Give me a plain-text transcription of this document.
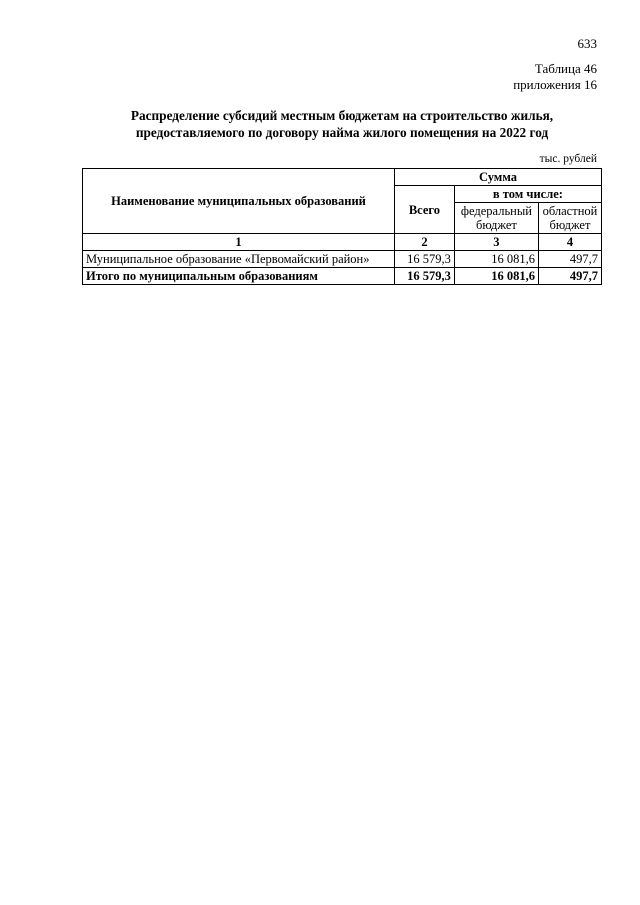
633
Таблица 46
приложения 16
Распределение субсидий местным бюджетам на строительство жилья,
предоставляемого по договору найма жилого помещения на 2022 год
тыс. рублей
Наименование муниципальных образований	Сумма		
	Всего	в том числе:	
		федеральный бюджет	областной бюджет
1	2	3	4
Муниципальное образование «Первомайский район»	16 579,3	16 081,6	497,7
Итого по муниципальным образованиям	16 579,3	16 081,6	497,7
